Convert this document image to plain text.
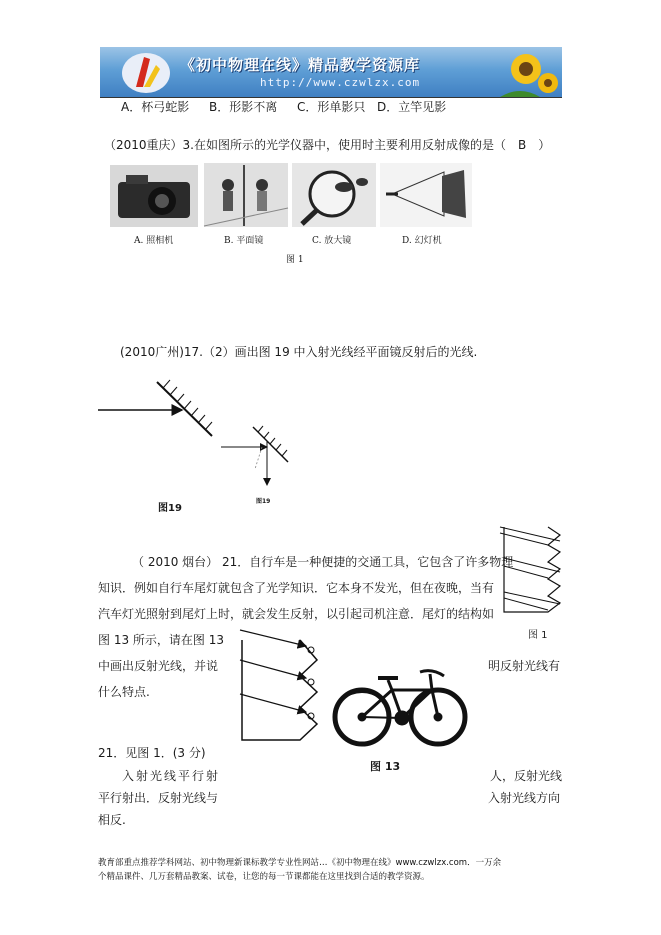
《初中物理在线》精品教学资源库
http://www.czwlzx.com
A．杯弓蛇影 B．形影不离 C．形单影只 D．立竿见影
（2010重庆）3.在如图所示的光学仪器中，使用时主要利用反射成像的是（　B　）
A. 照相机	B. 平面镜	C. 放大镜	D. 幻灯机
图 1
(2010广州)17.（2）画出图 19 中入射光线经平面镜反射后的光线.
图19
图19
（ 2010 烟台） 21．自行车是一种便捷的交通工具，它包含了许多物理
知识．例如自行车尾灯就包含了光学知识．它本身不发光，但在夜晚，当有
汽车灯光照射到尾灯上时，就会发生反射，以引起司机注意．尾灯的结构如
图 13 所示，请在图 13
中画出反射光线，并说	明反射光线有
什么特点.
图 1
图 13
21．见图 1．(3 分)
入射光线平行射	人，反射光线
平行射出．反射光线与	入射光线方向
相反.
教育部重点推荐学科网站、初中物理新课标教学专业性网站…《初中物理在线》www.czwlzx.com．一万余
个精品课件、几万套精品教案、试卷，让您的每一节课都能在这里找到合适的教学资源。
